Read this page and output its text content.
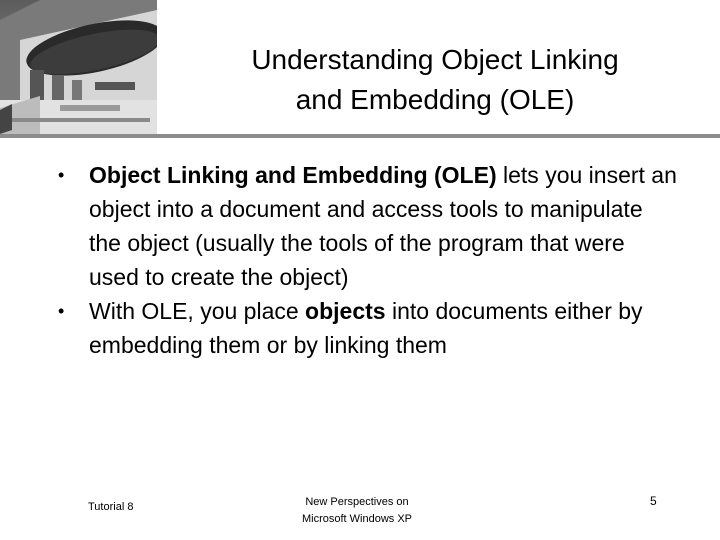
Understanding Object Linking
and Embedding (OLE)
• Object Linking and Embedding (OLE) lets you insert an object into a document and access tools to manipulate the object (usually the tools of the program that were used to create the object)
• With OLE, you place objects into documents either by embedding them or by linking them
Tutorial 8	New Perspectives on
Microsoft Windows XP
5
